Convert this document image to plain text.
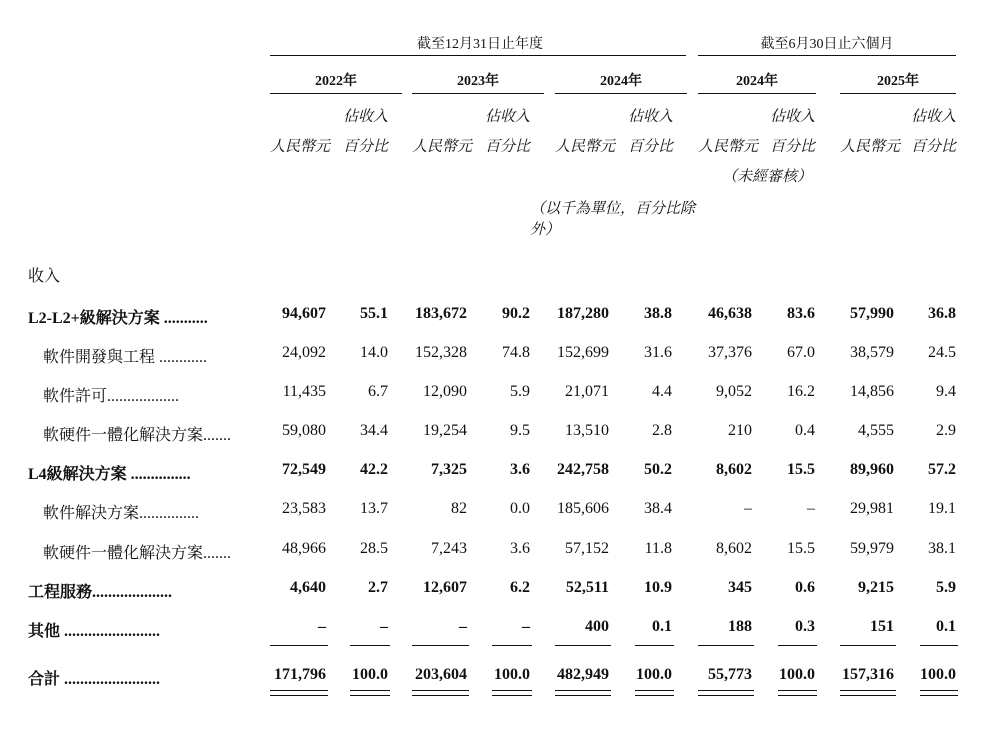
截至12月31日止年度	截至6月30日止六個月
2022年	2023年	2024年	2024年	2025年
佔收入	佔收入	佔收入	佔收入	佔收入
人民幣元 百分比 人民幣元 百分比 人民幣元 百分比 人民幣元 百分比 人民幣元 百分比
（未經審核）
（以千為單位，百分比除外）
收入
L2-L2+級解決方案 ...........	94,607	55.1	183,672	90.2	187,280	38.8	46,638	83.6	57,990	36.8
軟件開發與工程 ............	24,092	14.0	152,328	74.8	152,699	31.6	37,376	67.0	38,579	24.5
軟件許可..................	11,435	6.7	12,090	5.9	21,071	4.4	9,052	16.2	14,856	9.4
軟硬件一體化解決方案.......	59,080	34.4	19,254	9.5	13,510	2.8	210	0.4	4,555	2.9
L4級解決方案 ...............	72,549	42.2	7,325	3.6	242,758	50.2	8,602	15.5	89,960	57.2
軟件解決方案...............	23,583	13.7	82	0.0	185,606	38.4	–	–	29,981	19.1
軟硬件一體化解決方案.......	48,966	28.5	7,243	3.6	57,152	11.8	8,602	15.5	59,979	38.1
工程服務....................	4,640	2.7	12,607	6.2	52,511	10.9	345	0.6	9,215	5.9
其他 ........................	–	–	–	–	400	0.1	188	0.3	151	0.1
合計 ........................	171,796	100.0	203,604	100.0	482,949	100.0	55,773	100.0	157,316	100.0
